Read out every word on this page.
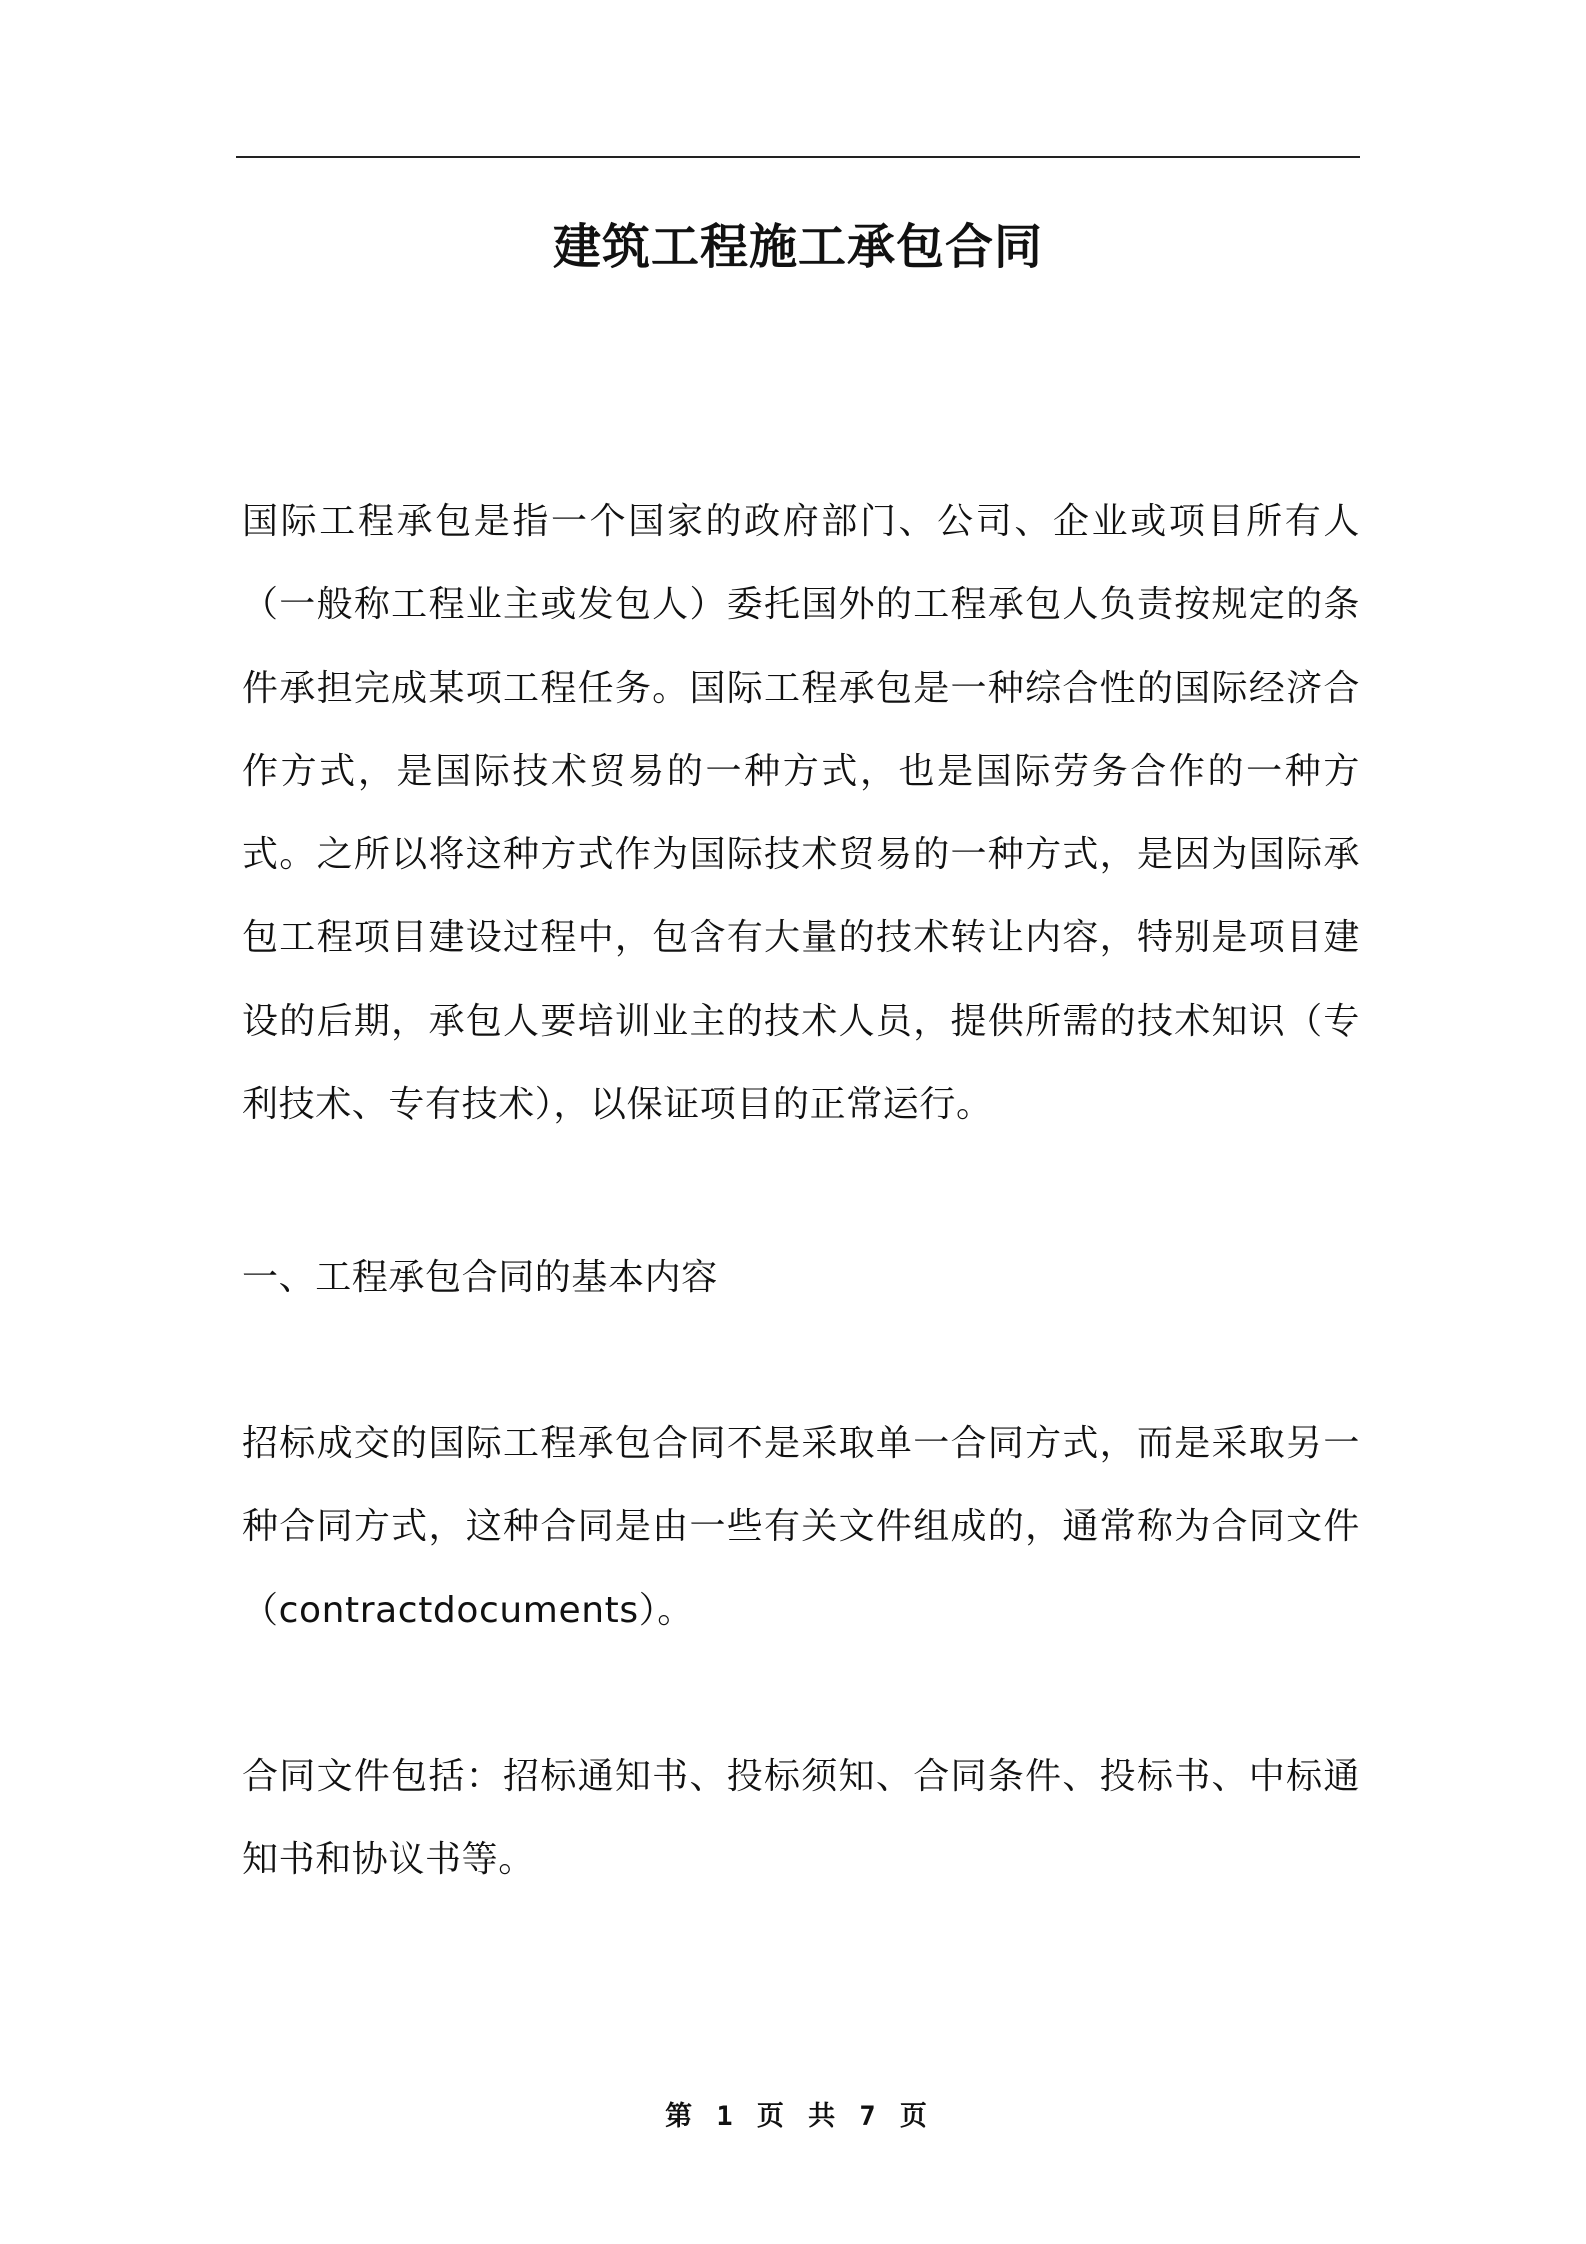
建筑工程施工承包合同

国际工程承包是指一个国家的政府部门、公司、企业或项目所有人（一般称工程业主或发包人）委托国外的工程承包人负责按规定的条件承担完成某项工程任务。国际工程承包是一种综合性的国际经济合作方式，是国际技术贸易的一种方式，也是国际劳务合作的一种方式。之所以将这种方式作为国际技术贸易的一种方式，是因为国际承包工程项目建设过程中，包含有大量的技术转让内容，特别是项目建设的后期，承包人要培训业主的技术人员，提供所需的技术知识（专利技术、专有技术），以保证项目的正常运行。

一、工程承包合同的基本内容

招标成交的国际工程承包合同不是采取单一合同方式，而是采取另一种合同方式，这种合同是由一些有关文件组成的，通常称为合同文件（contractdocuments）。

合同文件包括：招标通知书、投标须知、合同条件、投标书、中标通知书和协议书等。

第 1 页 共 7 页
